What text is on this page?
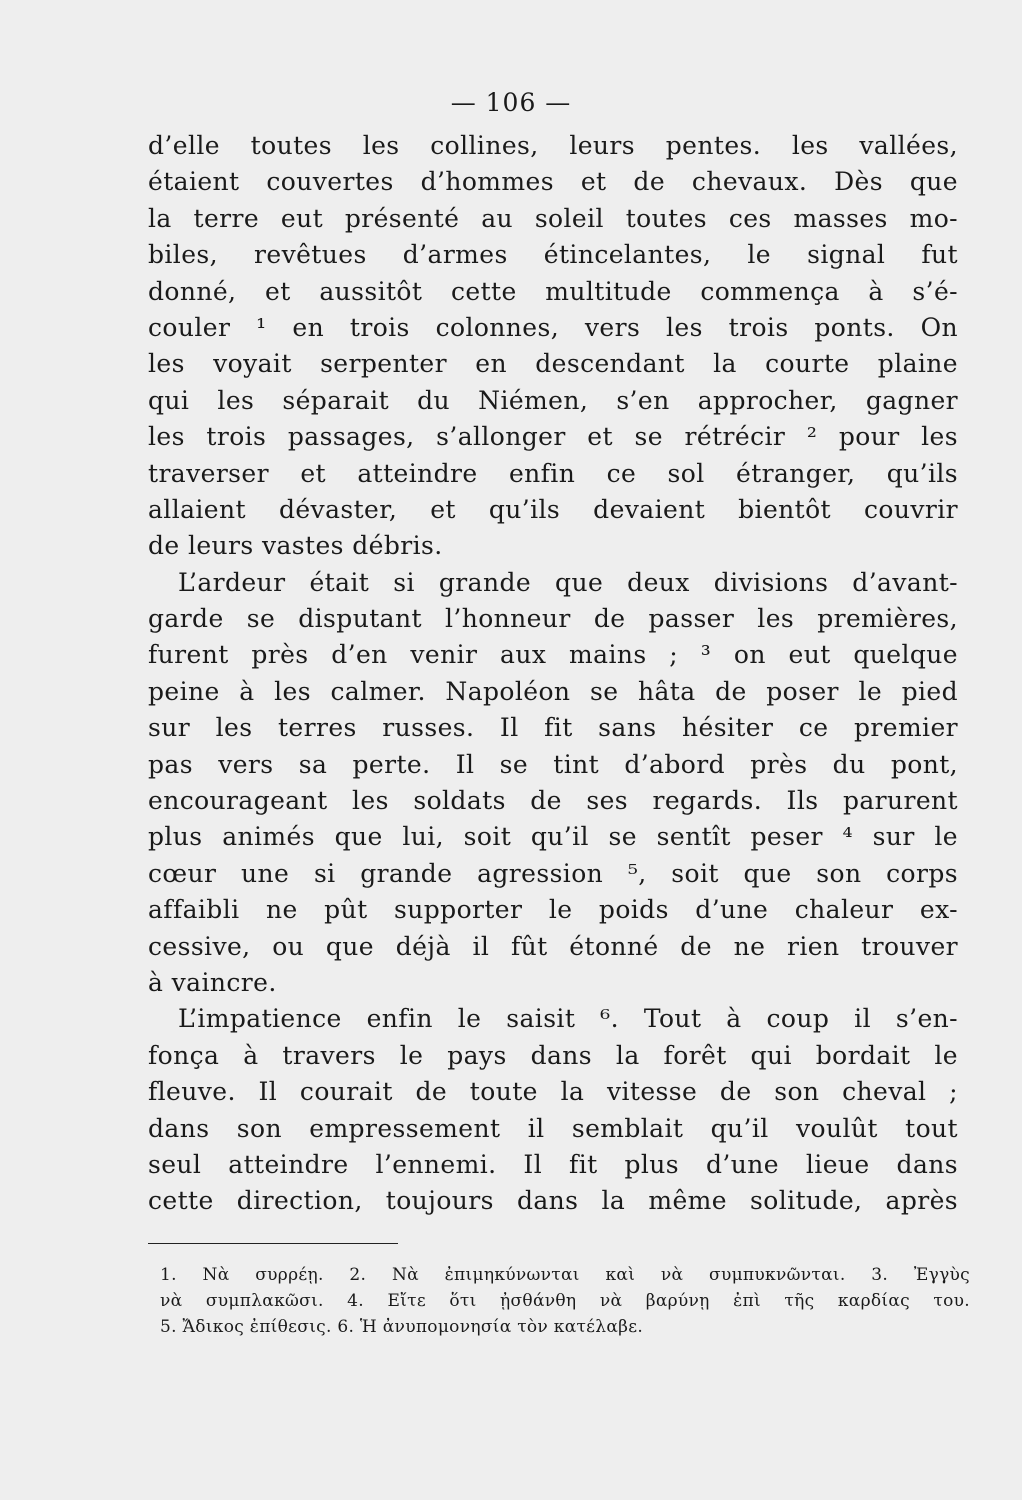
— 106 —
d’elle toutes les collines, leurs pentes. les vallées,
étaient couvertes d’hommes et de chevaux. Dès que
la terre eut présenté au soleil toutes ces masses mo-
biles, revêtues d’armes étincelantes, le signal fut
donné, et aussitôt cette multitude commença à s’é-
couler ¹ en trois colonnes, vers les trois ponts. On
les voyait serpenter en descendant la courte plaine
qui les séparait du Niémen, s’en approcher, gagner
les trois passages, s’allonger et se rétrécir ² pour les
traverser et atteindre enfin ce sol étranger, qu’ils
allaient dévaster, et qu’ils devaient bientôt couvrir
de leurs vastes débris.
L’ardeur était si grande que deux divisions d’avant-
garde se disputant l’honneur de passer les premières,
furent près d’en venir aux mains ; ³ on eut quelque
peine à les calmer. Napoléon se hâta de poser le pied
sur les terres russes. Il fit sans hésiter ce premier
pas vers sa perte. Il se tint d’abord près du pont,
encourageant les soldats de ses regards. Ils parurent
plus animés que lui, soit qu’il se sentît peser ⁴ sur le
cœur une si grande agression ⁵, soit que son corps
affaibli ne pût supporter le poids d’une chaleur ex-
cessive, ou que déjà il fût étonné de ne rien trouver
à vaincre.
L’impatience enfin le saisit ⁶. Tout à coup il s’en-
fonça à travers le pays dans la forêt qui bordait le
fleuve. Il courait de toute la vitesse de son cheval ;
dans son empressement il semblait qu’il voulût tout
seul atteindre l’ennemi. Il fit plus d’une lieue dans
cette direction, toujours dans la même solitude, après
1. Νὰ συρρέῃ. 2. Νὰ ἐπιμηκύνωνται καὶ νὰ συμπυκνῶνται. 3. Ἐγγὺς
νὰ συμπλακῶσι. 4. Εἴτε ὅτι ᾐσθάνθη νὰ βαρύνῃ ἐπὶ τῆς καρδίας του.
5. Ἄδικος ἐπίθεσις. 6. Ἡ ἀνυπομονησία τὸν κατέλαβε.
